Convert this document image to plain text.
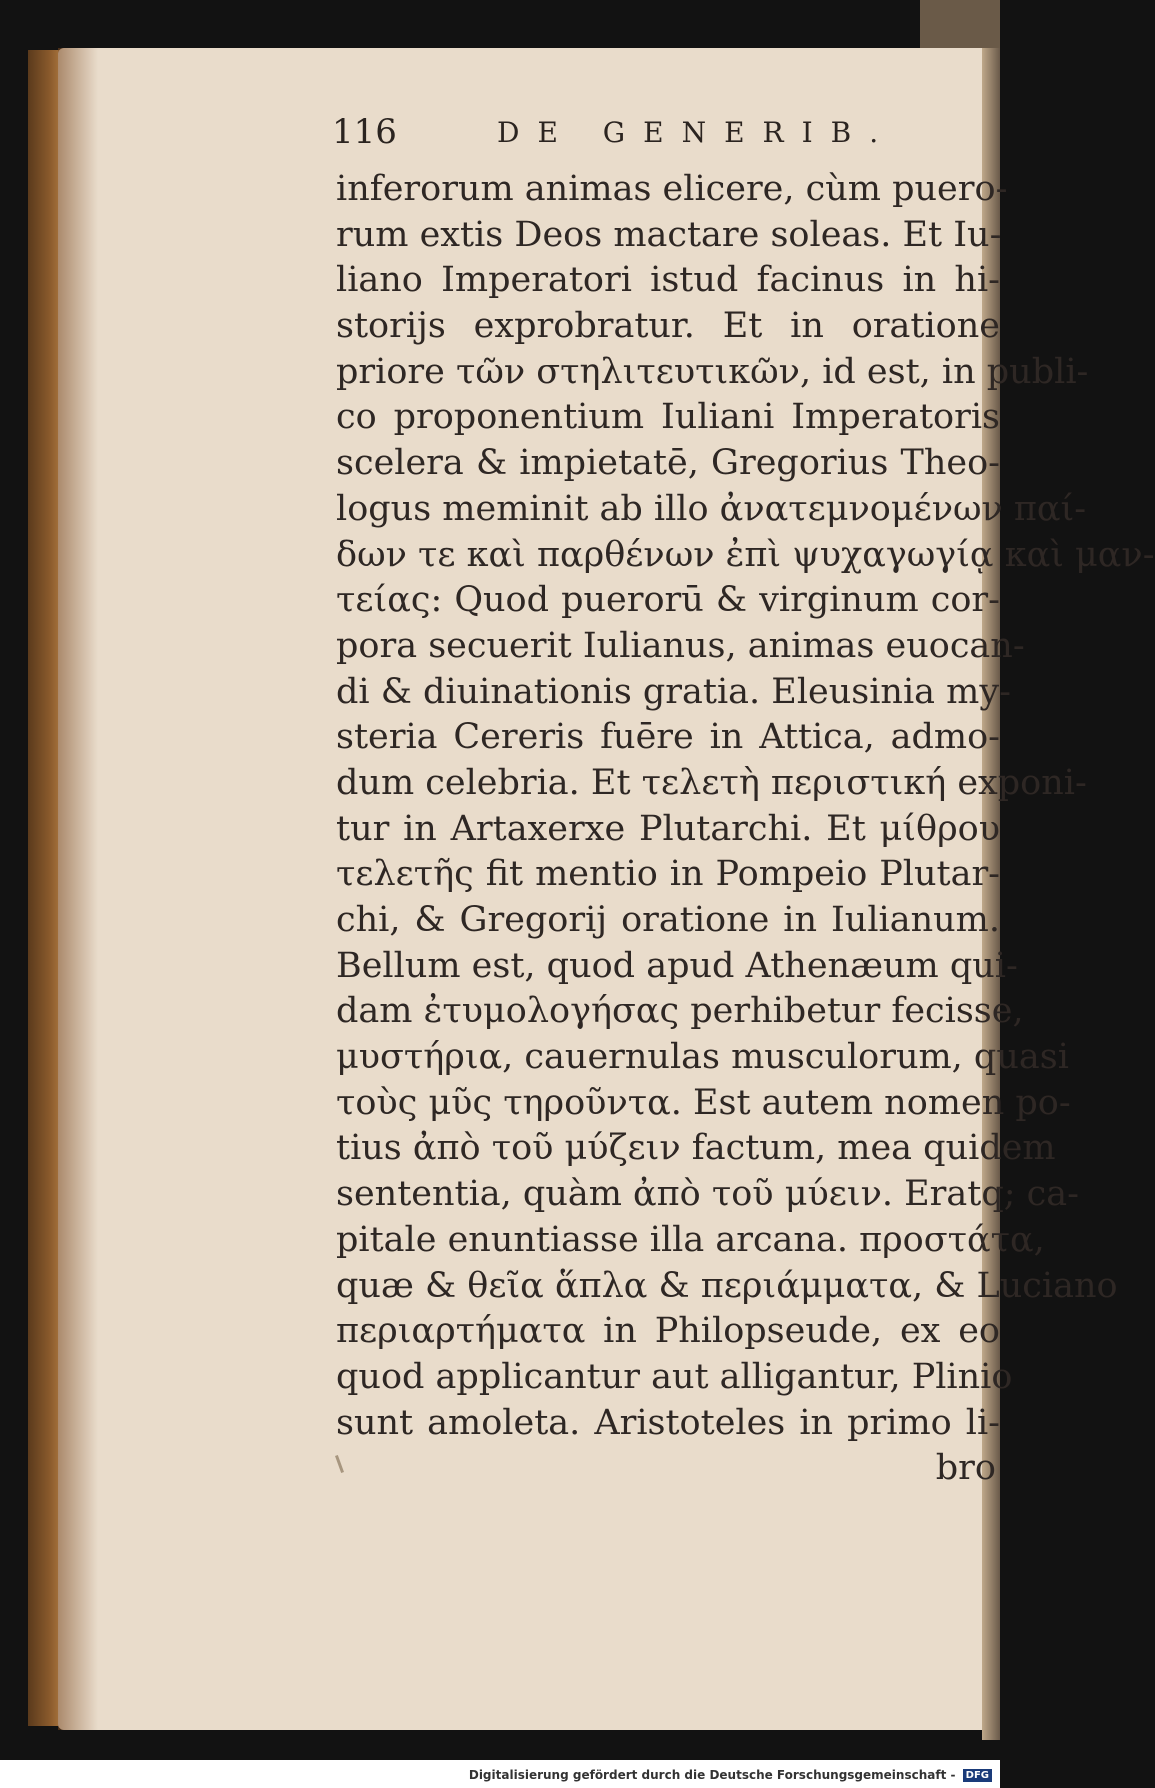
116	DE GENERIB.
inferorum animas elicere, cùm puero-
rum extis Deos mactare soleas. Et Iu-
liano Imperatori istud facinus in hi-
storijs exprobratur. Et in oratione
priore τῶν στηλιτευτικῶν, id est, in publi-
co proponentium Iuliani Imperatoris
scelera & impietatē, Gregorius Theo-
logus meminit ab illo ἀνατεμνομένων παί-
δων τε καὶ παρθένων ἐπὶ ψυχαγωγίᾳ καὶ μαν-
τείας: Quod puerorū & virginum cor-
pora secuerit Iulianus, animas euocan-
di & diuinationis gratia. Eleusinia my-
steria Cereris fuēre in Attica, admo-
dum celebria. Et τελετὴ περιστική exponi-
tur in Artaxerxe Plutarchi. Et μίθρου
τελετῆς fit mentio in Pompeio Plutar-
chi, & Gregorij oratione in Iulianum.
Bellum est, quod apud Athenæum qui-
dam ἐτυμολογήσας perhibetur fecisse,
μυστήρια, cauernulas musculorum, quasi
τοὺς μῦς τηροῦντα. Est autem nomen po-
tius ἀπὸ τοῦ μύζειν factum, mea quidem
sententia, quàm ἀπὸ τοῦ μύειν. Eratq; ca-
pitale enuntiasse illa arcana. προστάτα,
quæ & θεῖα ἅπλα & περιάμματα, & Luciano
περιαρτήματα in Philopseude, ex eo
quod applicantur aut alligantur, Plinio
sunt amoleta. Aristoteles in primo li-
bro
Digitalisierung gefördert durch die Deutsche Forschungsgemeinschaft - DFG
